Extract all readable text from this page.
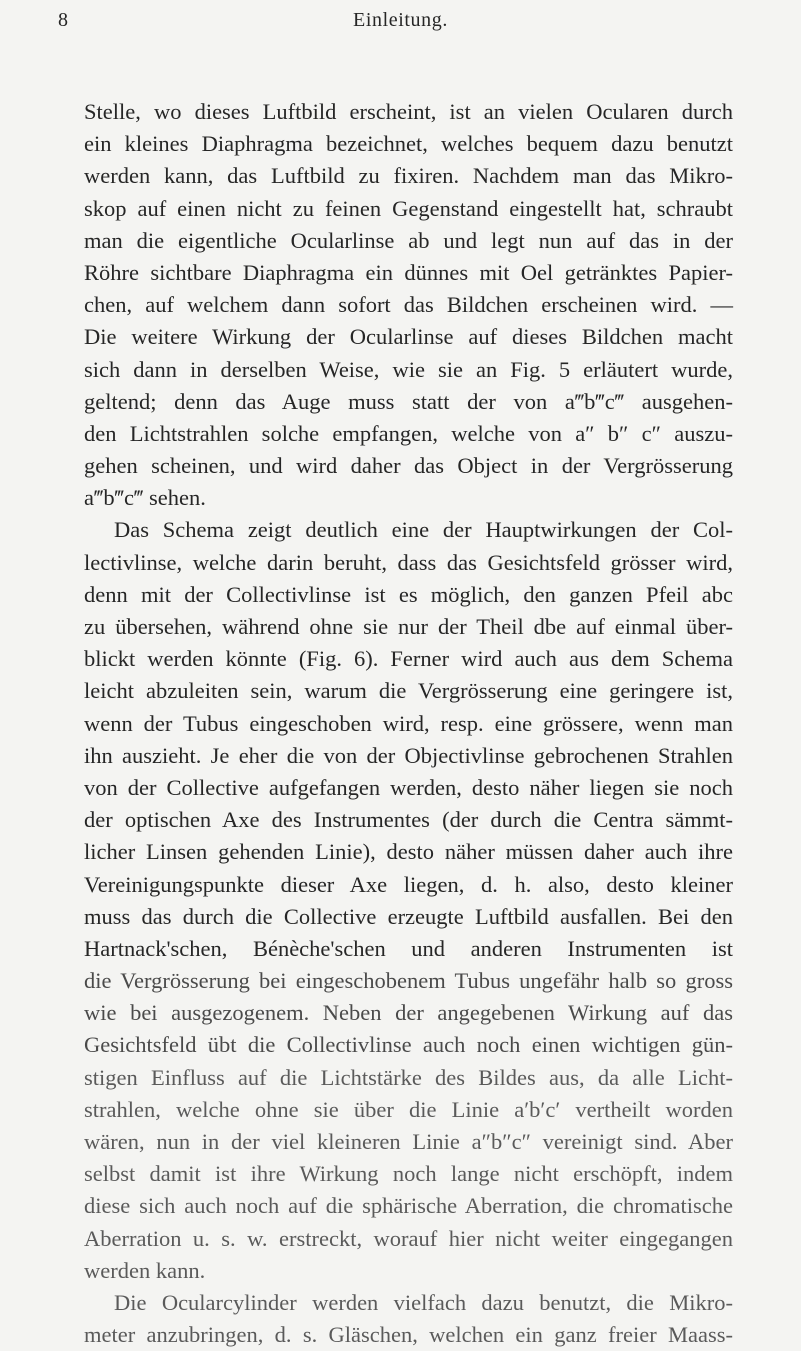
8	Einleitung.
Stelle, wo dieses Luftbild erscheint, ist an vielen Ocularen durch
ein kleines Diaphragma bezeichnet, welches bequem dazu benutzt
werden kann, das Luftbild zu fixiren. Nachdem man das Mikro-
skop auf einen nicht zu feinen Gegenstand eingestellt hat, schraubt
man die eigentliche Ocularlinse ab und legt nun auf das in der
Röhre sichtbare Diaphragma ein dünnes mit Oel getränktes Papier-
chen, auf welchem dann sofort das Bildchen erscheinen wird. —
Die weitere Wirkung der Ocularlinse auf dieses Bildchen macht
sich dann in derselben Weise, wie sie an Fig. 5 erläutert wurde,
geltend; denn das Auge muss statt der von a‴b‴c‴ ausgehen-
den Lichtstrahlen solche empfangen, welche von a″ b″ c″ auszu-
gehen scheinen, und wird daher das Object in der Vergrösserung
a‴b‴c‴ sehen.
Das Schema zeigt deutlich eine der Hauptwirkungen der Col-
lectivlinse, welche darin beruht, dass das Gesichtsfeld grösser wird,
denn mit der Collectivlinse ist es möglich, den ganzen Pfeil abc
zu übersehen, während ohne sie nur der Theil dbe auf einmal über-
blickt werden könnte (Fig. 6). Ferner wird auch aus dem Schema
leicht abzuleiten sein, warum die Vergrösserung eine geringere ist,
wenn der Tubus eingeschoben wird, resp. eine grössere, wenn man
ihn auszieht. Je eher die von der Objectivlinse gebrochenen Strahlen
von der Collective aufgefangen werden, desto näher liegen sie noch
der optischen Axe des Instrumentes (der durch die Centra sämmt-
licher Linsen gehenden Linie), desto näher müssen daher auch ihre
Vereinigungspunkte dieser Axe liegen, d. h. also, desto kleiner
muss das durch die Collective erzeugte Luftbild ausfallen. Bei den
Hartnack'schen, Bénèche'schen und anderen Instrumenten ist
die Vergrösserung bei eingeschobenem Tubus ungefähr halb so gross
wie bei ausgezogenem. Neben der angegebenen Wirkung auf das
Gesichtsfeld übt die Collectivlinse auch noch einen wichtigen gün-
stigen Einfluss auf die Lichtstärke des Bildes aus, da alle Licht-
strahlen, welche ohne sie über die Linie a′b′c′ vertheilt worden
wären, nun in der viel kleineren Linie a″b″c″ vereinigt sind. Aber
selbst damit ist ihre Wirkung noch lange nicht erschöpft, indem
diese sich auch noch auf die sphärische Aberration, die chromatische
Aberration u. s. w. erstreckt, worauf hier nicht weiter eingegangen
werden kann.
Die Ocularcylinder werden vielfach dazu benutzt, die Mikro-
meter anzubringen, d. s. Gläschen, welchen ein ganz freier Maass-
